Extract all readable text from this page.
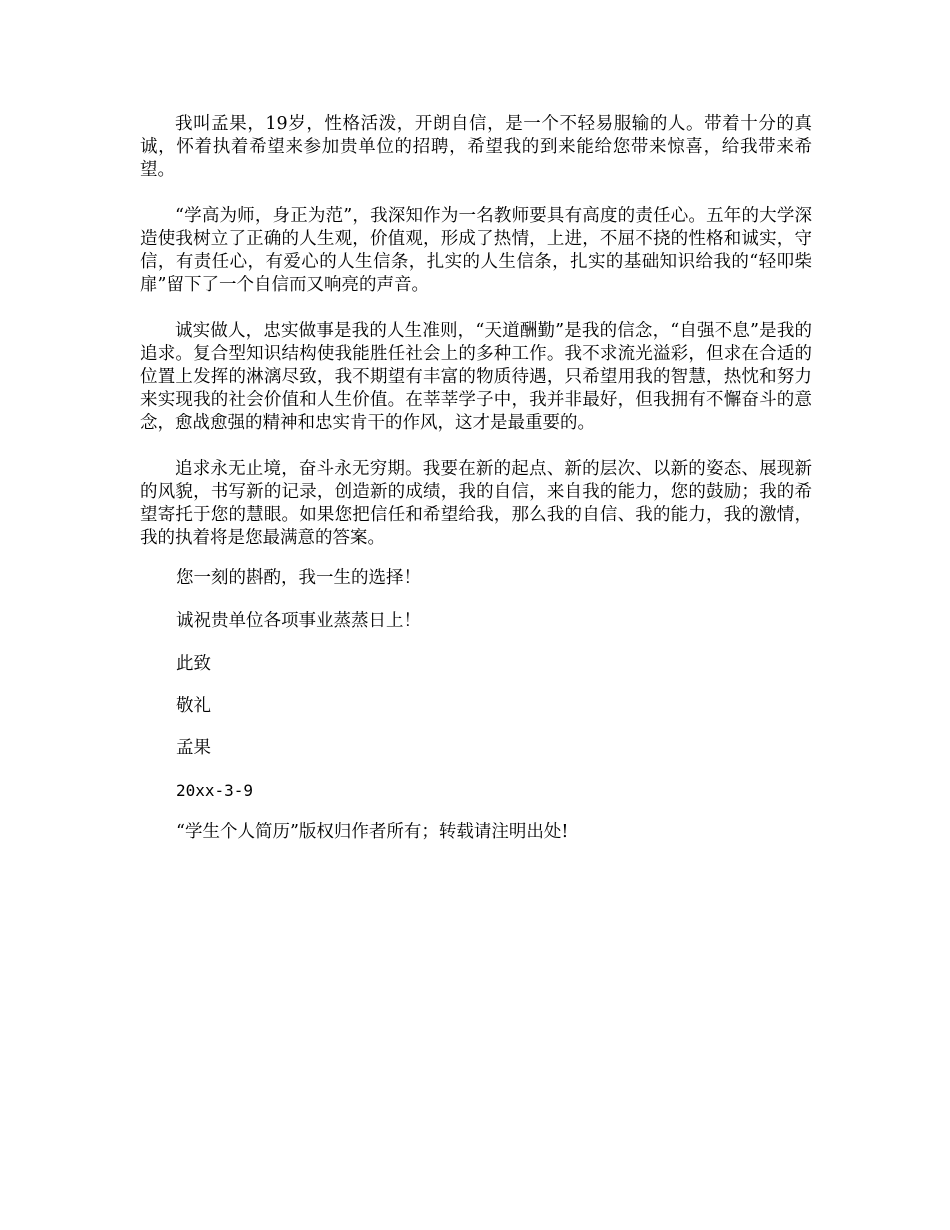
我叫孟果，19岁，性格活泼，开朗自信，是一个不轻易服输的人。带着十分的真诚，怀着执着希望来参加贵单位的招聘，希望我的到来能给您带来惊喜，给我带来希望。

“学高为师，身正为范”，我深知作为一名教师要具有高度的责任心。五年的大学深造使我树立了正确的人生观，价值观，形成了热情，上进，不屈不挠的性格和诚实，守信，有责任心，有爱心的人生信条，扎实的人生信条，扎实的基础知识给我的“轻叩柴扉”留下了一个自信而又响亮的声音。

诚实做人，忠实做事是我的人生准则，“天道酬勤”是我的信念，“自强不息”是我的追求。复合型知识结构使我能胜任社会上的多种工作。我不求流光溢彩，但求在合适的位置上发挥的淋漓尽致，我不期望有丰富的物质待遇，只希望用我的智慧，热忱和努力来实现我的社会价值和人生价值。在莘莘学子中，我并非最好，但我拥有不懈奋斗的意念，愈战愈强的精神和忠实肯干的作风，这才是最重要的。

追求永无止境，奋斗永无穷期。我要在新的起点、新的层次、以新的姿态、展现新的风貌，书写新的记录，创造新的成绩，我的自信，来自我的能力，您的鼓励；我的希望寄托于您的慧眼。如果您把信任和希望给我，那么我的自信、我的能力，我的激情，我的执着将是您最满意的答案。

您一刻的斟酌，我一生的选择！

诚祝贵单位各项事业蒸蒸日上！

此致

敬礼

孟果

20xx-3-9

“学生个人简历”版权归作者所有；转载请注明出处!
